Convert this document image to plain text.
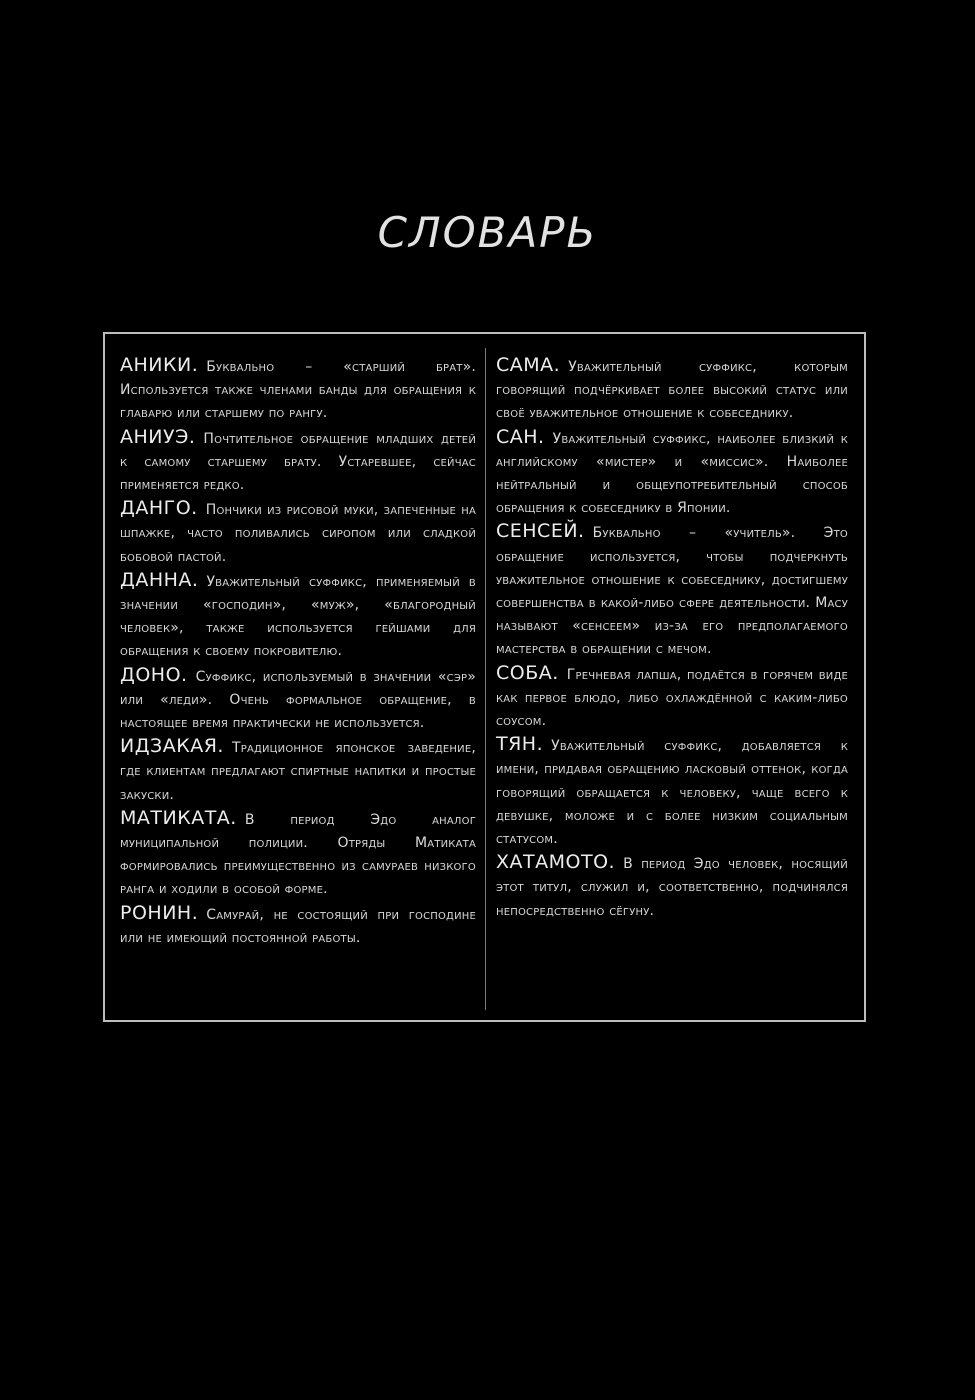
СЛОВАРЬ

АНИКИ. Буквально – «старший брат». Используется также членами банды для обращения к главарю или старшему по рангу.

АНИУЭ. Почтительное обращение младших детей к самому старшему брату. Устаревшее, сейчас применяется редко.

ДАНГО. Пончики из рисовой муки, запеченные на шпажке, часто поливались сиропом или сладкой бобовой пастой.

ДАННА. Уважительный суффикс, применяемый в значении «господин», «муж», «благородный человек», также используется гейшами для обращения к своему покровителю.

ДОНО. Суффикс, используемый в значении «сэр» или «леди». Очень формальное обращение, в настоящее время практически не используется.

ИДЗАКАЯ. Традиционное японское заведение, где клиентам предлагают спиртные напитки и простые закуски.

МАТИКАТА. В период Эдо аналог муниципальной полиции. Отряды Матиката формировались преимущественно из самураев низкого ранга и ходили в особой форме.

РОНИН. Самурай, не состоящий при господине или не имеющий постоянной работы.

САМА. Уважительный суффикс, которым говорящий подчёркивает более высокий статус или своё уважительное отношение к собеседнику.

САН. Уважительный суффикс, наиболее близкий к английскому «мистер» и «миссис». Наиболее нейтральный и общеупотребительный способ обращения к собеседнику в Японии.

СЕНСЕЙ. Буквально – «учитель». Это обращение используется, чтобы подчеркнуть уважительное отношение к собеседнику, достигшему совершенства в какой-либо сфере деятельности. Масу называют «сенсеем» из-за его предполагаемого мастерства в обращении с мечом.

СОБА. Гречневая лапша, подаётся в горячем виде как первое блюдо, либо охлаждённой с каким-либо соусом.

ТЯН. Уважительный суффикс, добавляется к имени, придавая обращению ласковый оттенок, когда говорящий обращается к человеку, чаще всего к девушке, моложе и с более низким социальным статусом.

ХАТАМОТО. В период Эдо человек, носящий этот титул, служил и, соответственно, подчинялся непосредственно сёгуну.
